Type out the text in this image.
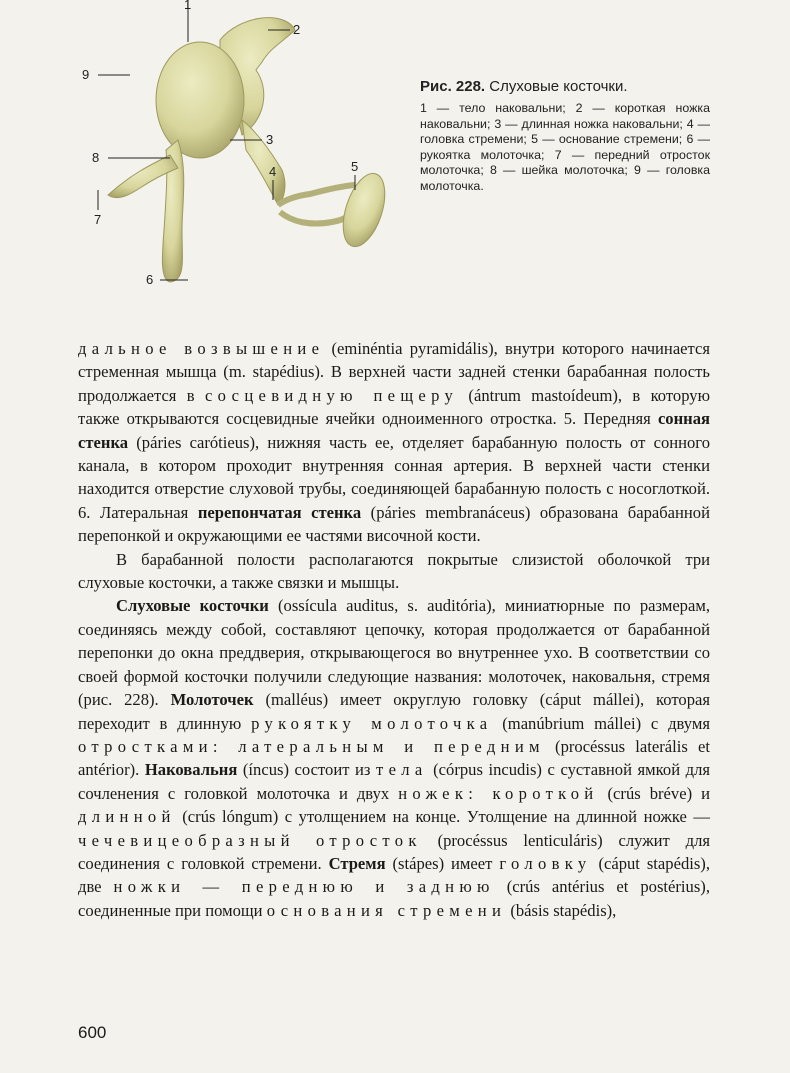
1
2
3
4	5
6
7
8
9
Рис. 228. Слуховые косточки.
1 — тело наковальни; 2 — короткая ножка наковальни; 3 — длинная ножка наковальни; 4 — головка стремени; 5 — основание стремени; 6 — рукоятка молоточка; 7 — передний отросток молоточка; 8 — шейка молоточка; 9 — головка молоточка.

дальное возвышение (eminéntia pyramidális), внутри которого начинается стременная мышца (m. stapédius). В верхней части задней стенки барабанная полость продолжается в сосцевидную пещеру (ántrum mastoídeum), в которую также открываются сосцевидные ячейки одноименного отростка. 5. Передняя сонная стенка (páries carótieus), нижняя часть ее, отделяет барабанную полость от сонного канала, в котором проходит внутренняя сонная артерия. В верхней части стенки находится отверстие слуховой трубы, соединяющей барабанную полость с носоглоткой. 6. Латеральная перепончатая стенка (páries membranáceus) образована барабанной перепонкой и окружающими ее частями височной кости.

В барабанной полости располагаются покрытые слизистой оболочкой три слуховые косточки, а также связки и мышцы.

Слуховые косточки (ossícula auditus, s. auditória), миниатюрные по размерам, соединяясь между собой, составляют цепочку, которая продолжается от барабанной перепонки до окна преддверия, открывающегося во внутреннее ухо. В соответствии со своей формой косточки получили следующие названия: молоточек, наковальня, стремя (рис. 228). Молоточек (malléus) имеет округлую головку (cáput mállei), которая переходит в длинную рукоятку молоточка (manúbrium mállei) с двумя отростками: латеральным и передним (procéssus laterális et antérior). Наковальня (íncus) состоит из тела (córpus incudis) с суставной ямкой для сочленения с головкой молоточка и двух ножек: короткой (crús bréve) и длинной (crús lóngum) с утолщением на конце. Утолщение на длинной ножке — чечевицеобразный отросток (procéssus lenticuláris) служит для соединения с головкой стремени. Стремя (stápes) имеет головку (cáput stapédis), две ножки — переднюю и заднюю (crús antérius et postérius), соединенные при помощи основания стремени (básis stapédis),

600
